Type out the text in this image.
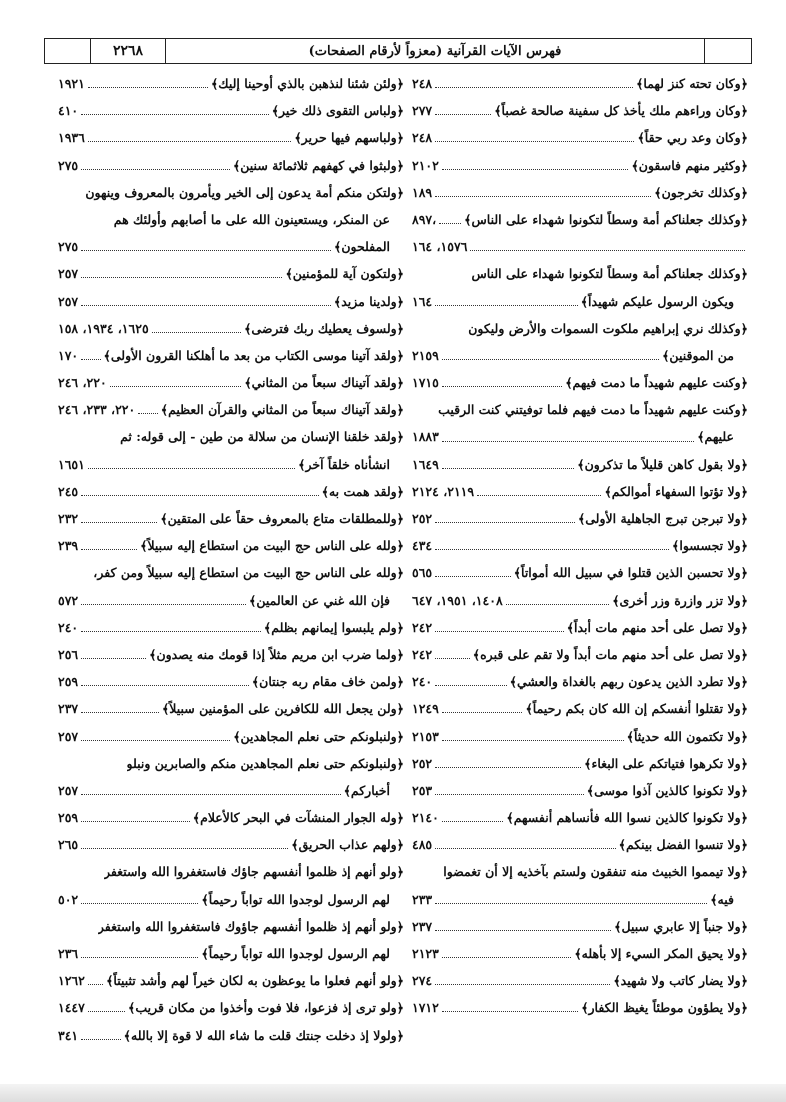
٢٢٦٨	فهرس الآيات القرآنية (معزواً لأرقام الصفحات)
﴿وكان تحته كنز لهما﴾
٢٤٨
﴿وكان وراءهم ملك يأخذ كل سفينة صالحة غصباً﴾
٢٧٧
﴿وكان وعد ربي حقاً﴾
٢٤٨
﴿وكثير منهم فاسقون﴾
٢١٠٢
﴿وكذلك تخرجون﴾
١٨٩
﴿وكذلك جعلناكم أمة وسطاً لتكونوا شهداء على الناس﴾
٨٩٧،
١٥٧٦، ١٦٤
﴿وكذلك جعلناكم أمة وسطاً لتكونوا شهداء على الناس
ويكون الرسول عليكم شهيداً﴾
١٦٤
﴿وكذلك نري إبراهيم ملكوت السموات والأرض وليكون
من الموقنين﴾
٢١٥٩
﴿وكنت عليهم شهيداً ما دمت فيهم﴾
١٧١٥
﴿وكنت عليهم شهيداً ما دمت فيهم فلما توفيتني كنت الرقيب
عليهم﴾
١٨٨٣
﴿ولا بقول كاهن قليلاً ما تذكرون﴾
١٦٤٩
﴿ولا تؤتوا السفهاء أموالكم﴾
٢١١٩، ٢١٢٤
﴿ولا تبرجن تبرج الجاهلية الأولى﴾
٢٥٢
﴿ولا تجسسوا﴾
٤٣٤
﴿ولا تحسبن الذين قتلوا في سبيل الله أمواتاً﴾
٥٦٥
﴿ولا تزر وازرة وزر أخرى﴾
١٤٠٨، ١٩٥١، ٦٤٧
﴿ولا تصل على أحد منهم مات أبداً﴾
٢٤٢
﴿ولا تصل على أحد منهم مات أبداً ولا تقم على قبره﴾
٢٤٢
﴿ولا تطرد الذين يدعون ربهم بالغداة والعشي﴾
٢٤٠
﴿ولا تقتلوا أنفسكم إن الله كان بكم رحيماً﴾
١٢٤٩
﴿ولا تكتمون الله حديثاً﴾
٢١٥٣
﴿ولا تكرهوا فتياتكم على البغاء﴾
٢٥٢
﴿ولا تكونوا كالذين آذوا موسى﴾
٢٥٣
﴿ولا تكونوا كالذين نسوا الله فأنساهم أنفسهم﴾
٢١٤٠
﴿ولا تنسوا الفضل بينكم﴾
٤٨٥
﴿ولا تيمموا الخبيث منه تنفقون ولستم بآخذيه إلا أن تغمضوا
فيه﴾
٢٣٣
﴿ولا جنباً إلا عابري سبيل﴾
٢٣٧
﴿ولا يحيق المكر السيء إلا بأهله﴾
٢١٢٣
﴿ولا يضار كاتب ولا شهيد﴾
٢٧٤
﴿ولا يطؤون موطئاً يغيظ الكفار﴾
١٧١٢
﴿ولئن شئنا لنذهبن بالذي أوحينا إليك﴾
١٩٢١
﴿ولباس التقوى ذلك خير﴾
٤١٠
﴿ولباسهم فيها حرير﴾
١٩٣٦
﴿ولبثوا في كهفهم ثلاثمائة سنين﴾
٢٧٥
﴿ولتكن منكم أمة يدعون إلى الخير ويأمرون بالمعروف وينهون
عن المنكر، ويستعينون الله على ما أصابهم وأولئك هم
المفلحون﴾
٢٧٥
﴿ولتكون آية للمؤمنين﴾
٢٥٧
﴿ولدينا مزيد﴾
٢٥٧
﴿ولسوف يعطيك ربك فترضى﴾
١٦٢٥، ١٩٣٤، ١٥٨
﴿ولقد آتينا موسى الكتاب من بعد ما أهلكنا القرون الأولى﴾
١٧٠
﴿ولقد آتيناك سبعاً من المثاني﴾
٢٢٠، ٢٤٦
﴿ولقد آتيناك سبعاً من المثاني والقرآن العظيم﴾
٢٢٠، ٢٣٣، ٢٤٦
﴿ولقد خلقنا الإنسان من سلالة من طين - إلى قوله: ثم
انشأناه خلقاً آخر﴾
١٦٥١
﴿ولقد همت به﴾
٢٤٥
﴿وللمطلقات متاع بالمعروف حقاً على المتقين﴾
٢٣٢
﴿ولله على الناس حج البيت من استطاع إليه سبيلاً﴾
٢٣٩
﴿ولله على الناس حج البيت من استطاع إليه سبيلاً ومن كفر،
فإن الله غني عن العالمين﴾
٥٧٢
﴿ولم يلبسوا إيمانهم بظلم﴾
٢٤٠
﴿ولما ضرب ابن مريم مثلاً إذا قومك منه يصدون﴾
٢٥٦
﴿ولمن خاف مقام ربه جنتان﴾
٢٥٩
﴿ولن يجعل الله للكافرين على المؤمنين سبيلاً﴾
٢٣٧
﴿ولنبلونكم حتى نعلم المجاهدين﴾
٢٥٧
﴿ولنبلونكم حتى نعلم المجاهدين منكم والصابرين ونبلو
أخباركم﴾
٢٥٧
﴿وله الجوار المنشآت في البحر كالأعلام﴾
٢٥٩
﴿ولهم عذاب الحريق﴾
٢٦٥
﴿ولو أنهم إذ ظلموا أنفسهم جاؤك فاستغفروا الله واستغفر
لهم الرسول لوجدوا الله تواباً رحيماً﴾
٥٠٢
﴿ولو أنهم إذ ظلموا أنفسهم جاؤوك فاستغفروا الله واستغفر
لهم الرسول لوجدوا الله تواباً رحيماً﴾
٢٣٦
﴿ولو أنهم فعلوا ما يوعظون به لكان خيراً لهم وأشد تثبيتاً﴾
١٢٦٢
﴿ولو ترى إذ فزعوا، فلا فوت وأخذوا من مكان قريب﴾
١٤٤٧
﴿ولولا إذ دخلت جنتك قلت ما شاء الله لا قوة إلا بالله﴾
٣٤١
